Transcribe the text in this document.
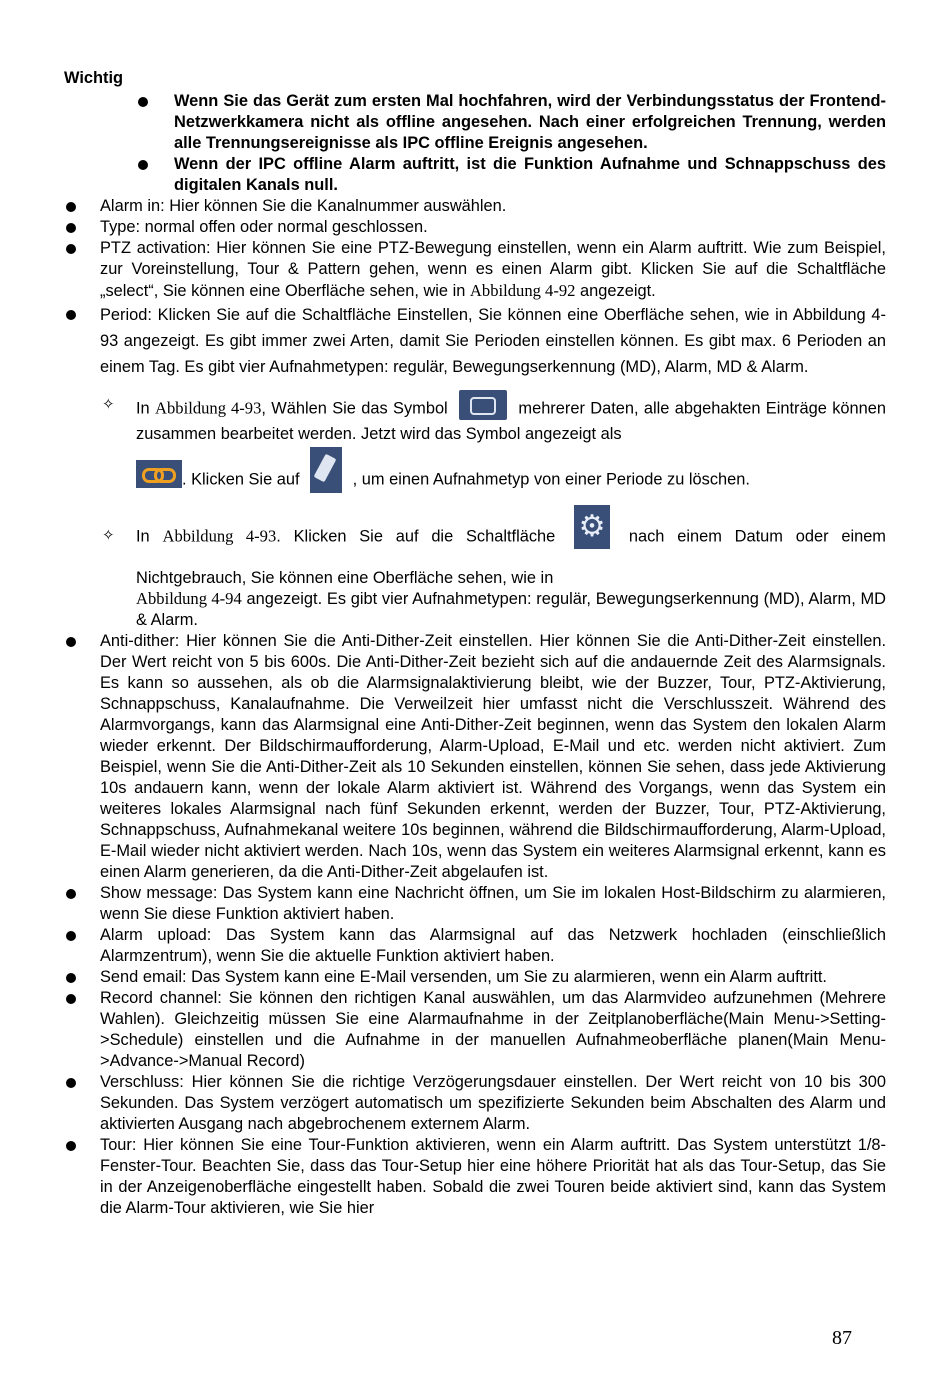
Wichtig
Wenn Sie das Gerät zum ersten Mal hochfahren, wird der Verbindungsstatus der Frontend-Netzwerkkamera nicht als offline angesehen. Nach einer erfolgreichen Trennung, werden alle Trennungsereignisse als IPC offline Ereignis angesehen.
Wenn der IPC offline Alarm auftritt, ist die Funktion Aufnahme und Schnappschuss des digitalen Kanals null.
Alarm in: Hier können Sie die Kanalnummer auswählen.
Type: normal offen oder normal geschlossen.
PTZ activation: Hier können Sie eine PTZ-Bewegung einstellen, wenn ein Alarm auftritt. Wie zum Beispiel, zur Voreinstellung, Tour & Pattern gehen, wenn es einen Alarm gibt. Klicken Sie auf die Schaltfläche „select“, Sie können eine Oberfläche sehen, wie in Abbildung 4-92 angezeigt.
Period: Klicken Sie auf die Schaltfläche Einstellen, Sie können eine Oberfläche sehen, wie in Abbildung 4-93 angezeigt. Es gibt immer zwei Arten, damit Sie Perioden einstellen können. Es gibt max. 6 Perioden an einem Tag. Es gibt vier Aufnahmetypen: regulär, Bewegungserkennung (MD), Alarm, MD & Alarm.
✧ In Abbildung 4-93, Wählen Sie das Symbol	mehrerer Daten, alle abgehakten Einträge können zusammen bearbeitet werden. Jetzt wird das Symbol angezeigt als
. Klicken Sie auf	, um einen Aufnahmetyp von einer Periode zu löschen.
✧ In Abbildung 4-93. Klicken Sie auf die Schaltfläche ⚙ nach einem Datum oder einem Nichtgebrauch, Sie können eine Oberfläche sehen, wie in
Abbildung 4-94 angezeigt. Es gibt vier Aufnahmetypen: regulär, Bewegungserkennung (MD), Alarm, MD & Alarm.
Anti-dither: Hier können Sie die Anti-Dither-Zeit einstellen. Hier können Sie die Anti-Dither-Zeit einstellen. Der Wert reicht von 5 bis 600s. Die Anti-Dither-Zeit bezieht sich auf die andauernde Zeit des Alarmsignals. Es kann so aussehen, als ob die Alarmsignalaktivierung bleibt, wie der Buzzer, Tour, PTZ-Aktivierung, Schnappschuss, Kanalaufnahme. Die Verweilzeit hier umfasst nicht die Verschlusszeit. Während des Alarmvorgangs, kann das Alarmsignal eine Anti-Dither-Zeit beginnen, wenn das System den lokalen Alarm wieder erkennt. Der Bildschirmaufforderung, Alarm-Upload, E-Mail und etc. werden nicht aktiviert. Zum Beispiel, wenn Sie die Anti-Dither-Zeit als 10 Sekunden einstellen, können Sie sehen, dass jede Aktivierung 10s andauern kann, wenn der lokale Alarm aktiviert ist. Während des Vorgangs, wenn das System ein weiteres lokales Alarmsignal nach fünf Sekunden erkennt, werden der Buzzer, Tour, PTZ-Aktivierung, Schnappschuss, Aufnahmekanal weitere 10s beginnen, während die Bildschirmaufforderung, Alarm-Upload, E-Mail wieder nicht aktiviert werden. Nach 10s, wenn das System ein weiteres Alarmsignal erkennt, kann es einen Alarm generieren, da die Anti-Dither-Zeit abgelaufen ist.
Show message: Das System kann eine Nachricht öffnen, um Sie im lokalen Host-Bildschirm zu alarmieren, wenn Sie diese Funktion aktiviert haben.
Alarm upload: Das System kann das Alarmsignal auf das Netzwerk hochladen (einschließlich Alarmzentrum), wenn Sie die aktuelle Funktion aktiviert haben.
Send email: Das System kann eine E-Mail versenden, um Sie zu alarmieren, wenn ein Alarm auftritt.
Record channel: Sie können den richtigen Kanal auswählen, um das Alarmvideo aufzunehmen (Mehrere Wahlen). Gleichzeitig müssen Sie eine Alarmaufnahme in der Zeitplanoberfläche(Main Menu->Setting->Schedule) einstellen und die Aufnahme in der manuellen Aufnahmeoberfläche planen(Main Menu->Advance->Manual Record)
Verschluss: Hier können Sie die richtige Verzögerungsdauer einstellen. Der Wert reicht von 10 bis 300 Sekunden. Das System verzögert automatisch um spezifizierte Sekunden beim Abschalten des Alarm und aktivierten Ausgang nach abgebrochenem externem Alarm.
Tour: Hier können Sie eine Tour-Funktion aktivieren, wenn ein Alarm auftritt. Das System unterstützt 1/8-Fenster-Tour. Beachten Sie, dass das Tour-Setup hier eine höhere Priorität hat als das Tour-Setup, das Sie in der Anzeigenoberfläche eingestellt haben. Sobald die zwei Touren beide aktiviert sind, kann das System die Alarm-Tour aktivieren, wie Sie hier
87
